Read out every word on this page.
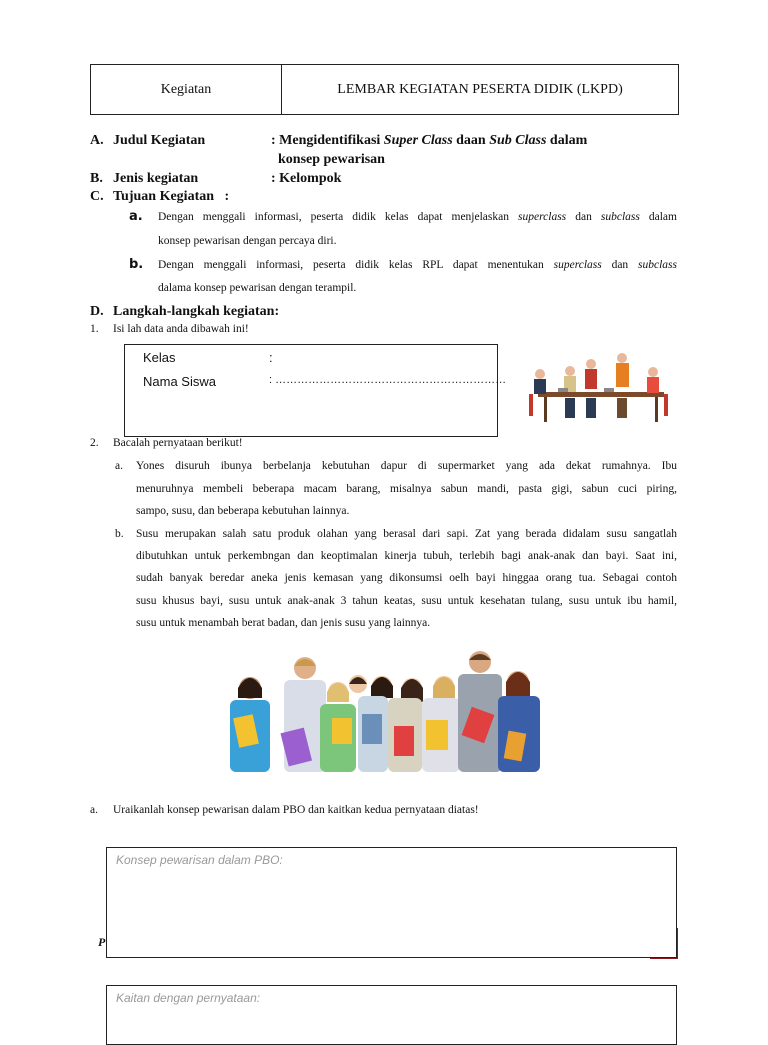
Kegiatan	LEMBAR KEGIATAN PESERTA DIDIK (LKPD)
A. Judul Kegiatan	: Mengidentifikasi Super Class daan Sub Class dalam
konsep pewarisan
B. Jenis kegiatan	: Kelompok
C. Tujuan Kegiatan   :
a. Dengan menggali informasi, peserta didik kelas dapat menjelaskan superclass dan subclass dalam
konsep pewarisan dengan percaya diri.
b. Dengan menggali informasi, peserta didik kelas RPL dapat menentukan superclass dan subclass
dalama konsep pewarisan dengan terampil.
D. Langkah-langkah kegiatan:
1. Isi lah data anda dibawah ini!
Kelas	:
Nama Siswa	: ………………………………………………………
2. Bacalah pernyataan berikut!
a. Yones disuruh ibunya berbelanja kebutuhan dapur di supermarket yang ada dekat rumahnya. Ibu
menuruhnya membeli beberapa macam barang, misalnya sabun mandi, pasta gigi, sabun cuci piring,
sampo, susu, dan beberapa kebutuhan lainnya.
b. Susu merupakan salah satu produk olahan yang berasal dari sapi. Zat yang berada didalam susu sangatlah
dibutuhkan untuk perkembngan dan keoptimalan kinerja tubuh, terlebih bagi anak-anak dan bayi. Saat ini,
sudah banyak beredar aneka jenis kemasan yang dikonsumsi oelh bayi hinggaa orang tua. Sebagai contoh
susu khusus bayi, susu untuk anak-anak 3 tahun keatas, susu untuk kesehatan tulang, susu untuk ibu hamil,
susu untuk menambah berat badan, dan jenis susu yang lainnya.
a. Uraikanlah konsep pewarisan dalam PBO dan kaitkan kedua pernyataan diatas!
P
Konsep pewarisan dalam PBO:
Kaitan dengan pernyataan:
